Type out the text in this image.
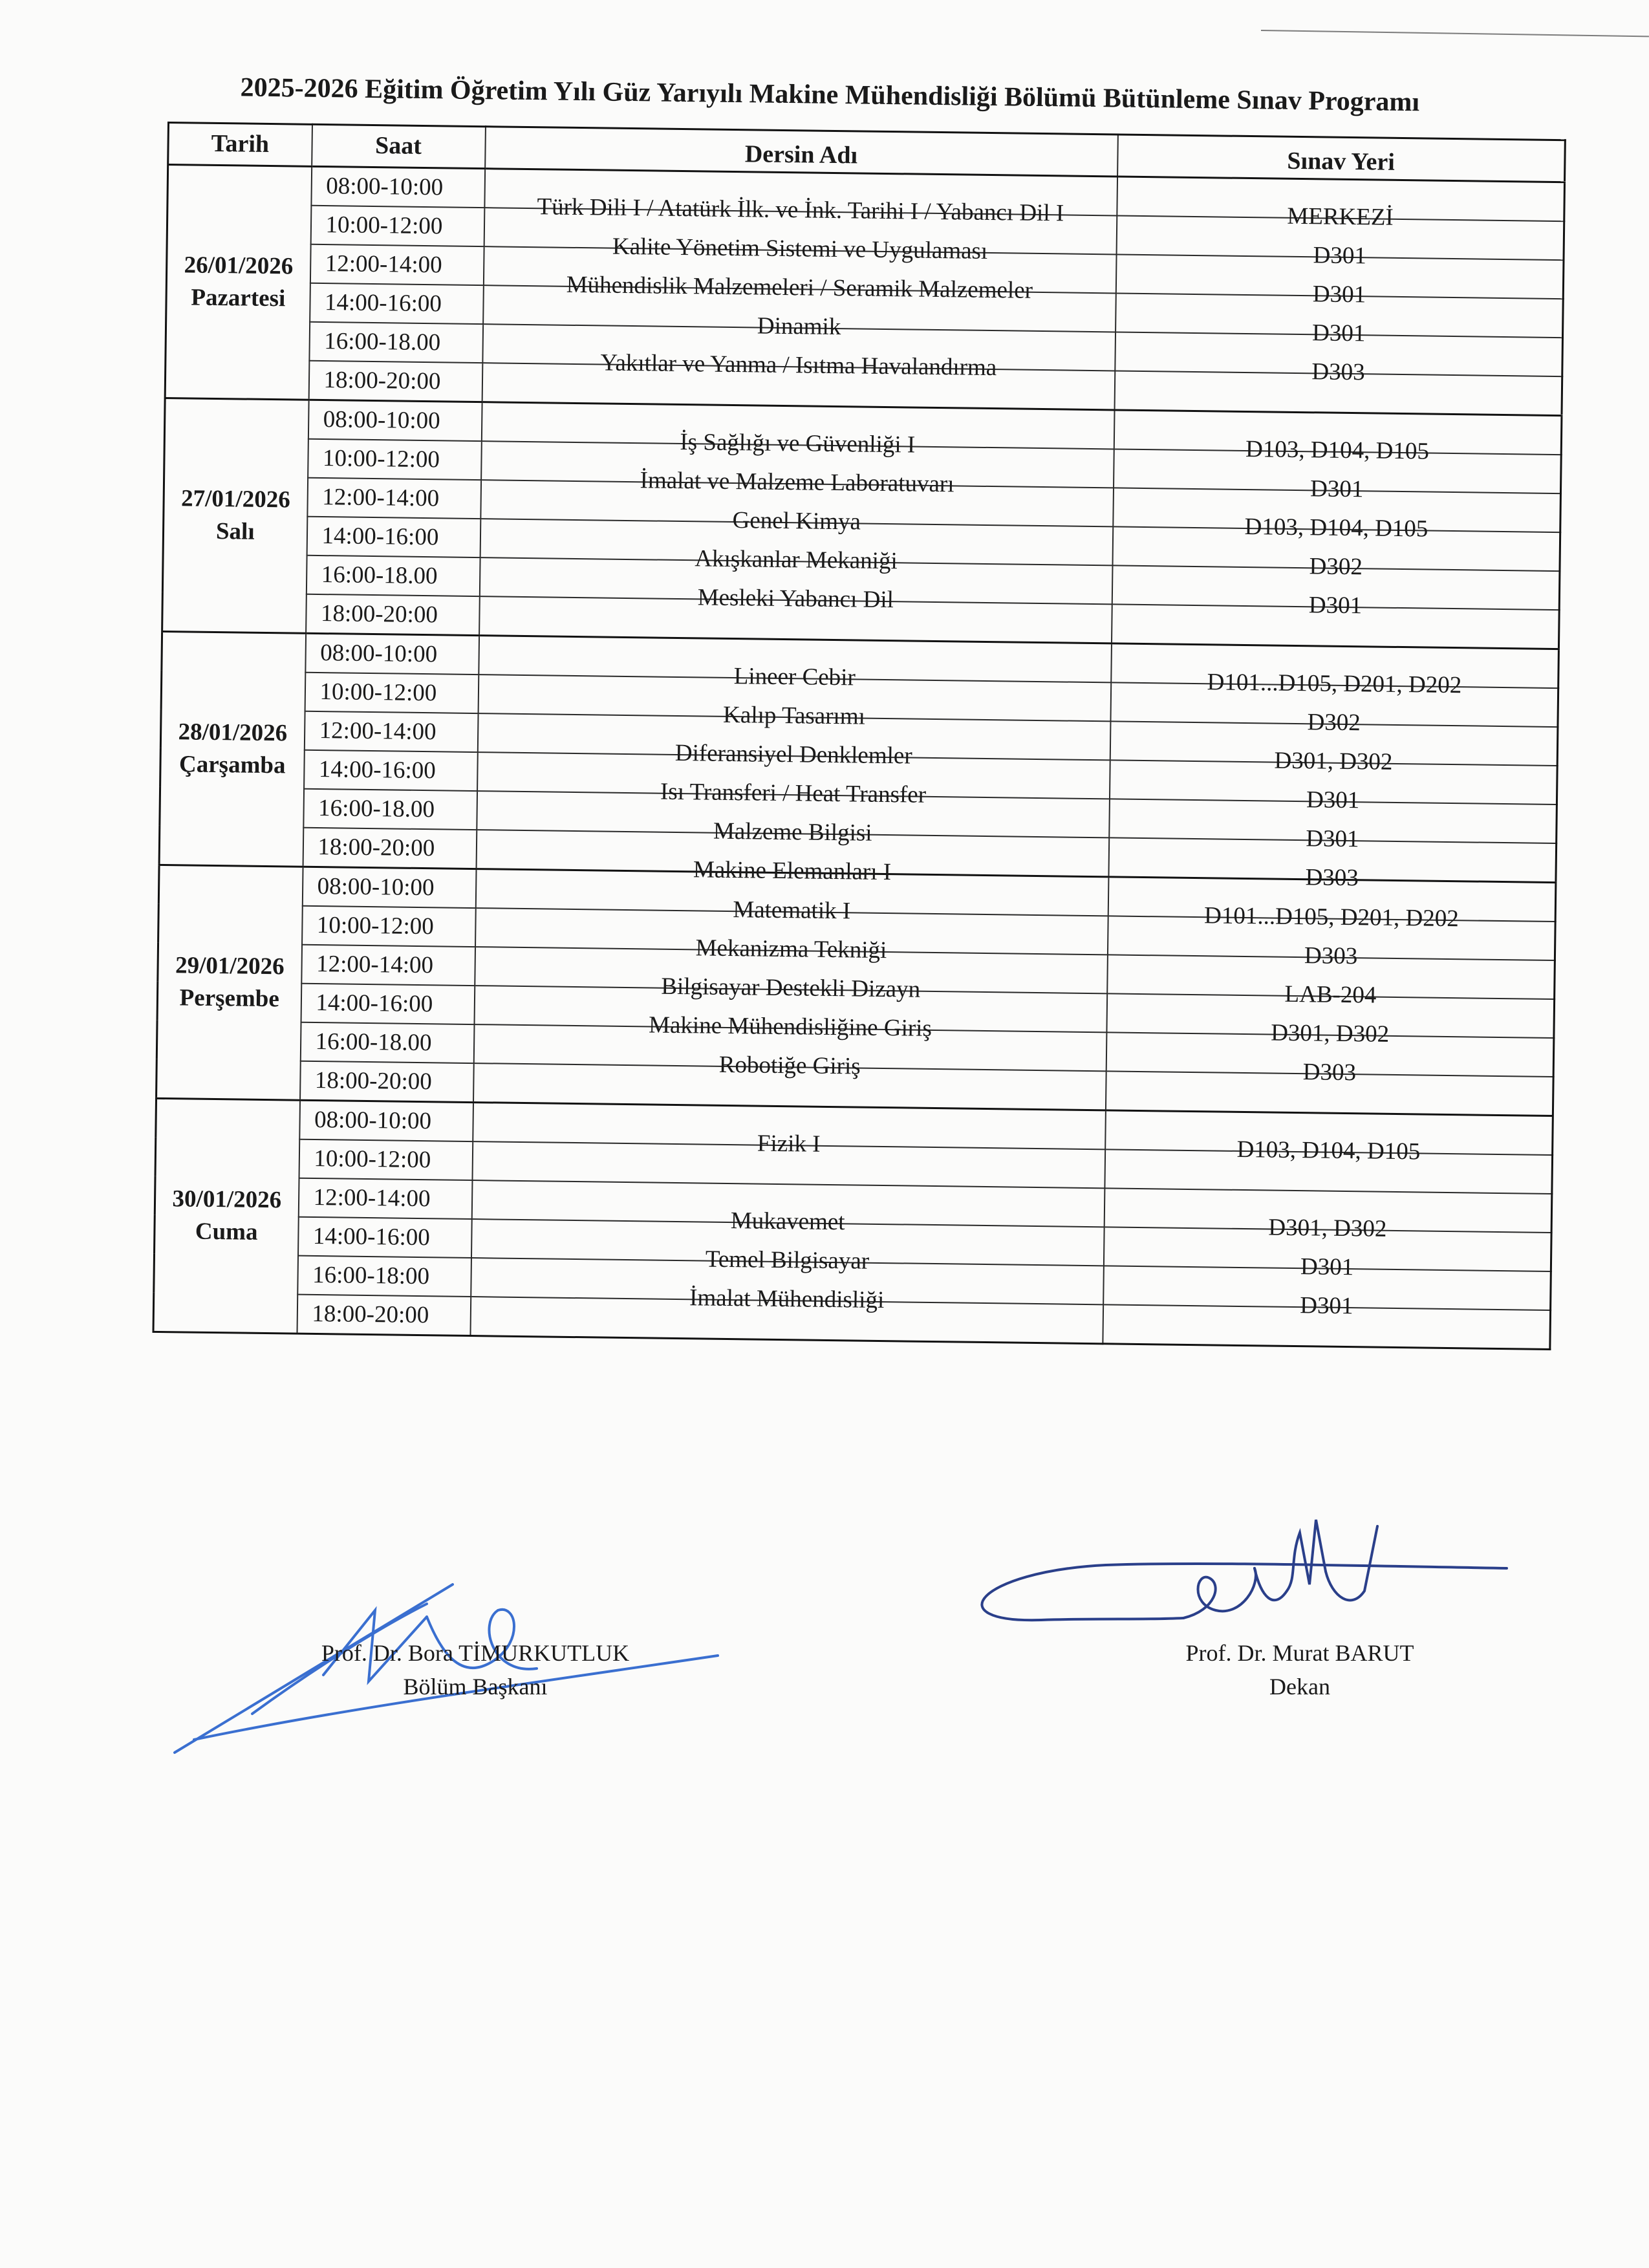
2025-2026 Eğitim Öğretim Yılı Güz Yarıyılı Makine Mühendisliği Bölümü Bütünleme Sınav Programı
Tarih	Saat	Dersin Adı	Sınav Yeri

26/01/2026
Pazartesi	08:00-10:00	Türk Dili I / Atatürk İlk. ve İnk. Tarihi I / Yabancı Dil I	MERKEZİ
	10:00-12:00	Kalite Yönetim Sistemi ve Uygulaması	D301
	12:00-14:00	Mühendislik Malzemeleri / Seramik Malzemeler	D301
	14:00-16:00	Dinamik	D301
	16:00-18.00	Yakıtlar ve Yanma / Isıtma Havalandırma	D303
	18:00-20:00		

27/01/2026
Salı	08:00-10:00	İş Sağlığı ve Güvenliği I	D103, D104, D105
	10:00-12:00	İmalat ve Malzeme Laboratuvarı	D301
	12:00-14:00	Genel Kimya	D103, D104, D105
	14:00-16:00	Akışkanlar Mekaniği	D302
	16:00-18.00	Mesleki Yabancı Dil	D301
	18:00-20:00		

28/01/2026
Çarşamba	08:00-10:00	Lineer Cebir	D101...D105, D201, D202
	10:00-12:00	Kalıp Tasarımı	D302
	12:00-14:00	Diferansiyel Denklemler	D301, D302
	14:00-16:00	Isı Transferi / Heat Transfer	D301
	16:00-18.00	Malzeme Bilgisi	D301
	18:00-20:00	Makine Elemanları I	D303

29/01/2026
Perşembe	08:00-10:00	Matematik I	D101...D105, D201, D202
	10:00-12:00	Mekanizma Tekniği	D303
	12:00-14:00	Bilgisayar Destekli Dizayn	LAB-204
	14:00-16:00	Makine Mühendisliğine Giriş	D301, D302
	16:00-18.00	Robotiğe Giriş	D303
	18:00-20:00		

30/01/2026
Cuma	08:00-10:00	Fizik I	D103, D104, D105
	10:00-12:00		
	12:00-14:00	Mukavemet	D301, D302
	14:00-16:00	Temel Bilgisayar	D301
	16:00-18:00	İmalat Mühendisliği	D301
	18:00-20:00		
Prof. Dr. Bora TİMURKUTLUK
Bölüm Başkanı
Prof. Dr. Murat BARUT
Dekan
